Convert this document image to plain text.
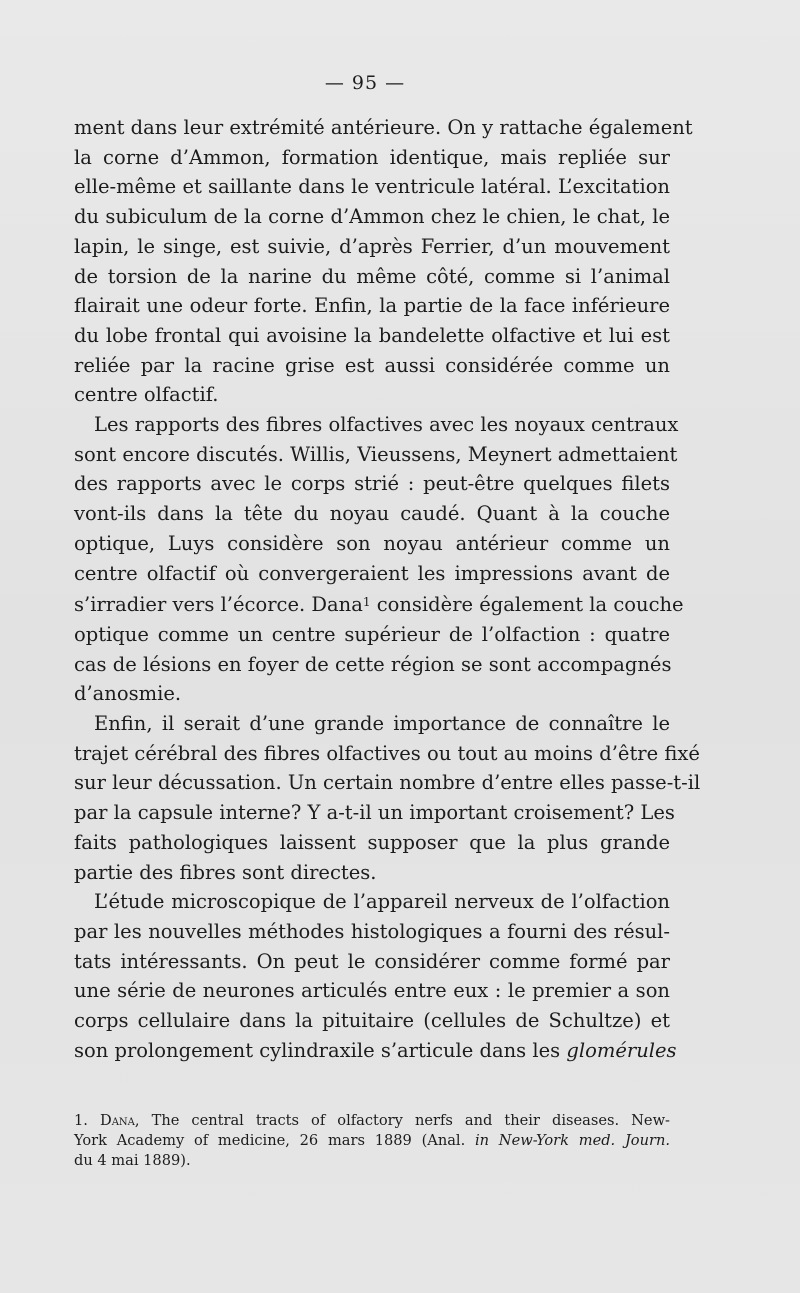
— 95 —
ment dans leur extrémité antérieure. On y rattache également
la corne d’Ammon, formation identique, mais repliée sur
elle-même et saillante dans le ventricule latéral. L’excitation
du subiculum de la corne d’Ammon chez le chien, le chat, le
lapin, le singe, est suivie, d’après Ferrier, d’un mouvement
de torsion de la narine du même côté, comme si l’animal
flairait une odeur forte. Enfin, la partie de la face inférieure
du lobe frontal qui avoisine la bandelette olfactive et lui est
reliée par la racine grise est aussi considérée comme un
centre olfactif.
Les rapports des fibres olfactives avec les noyaux centraux
sont encore discutés. Willis, Vieussens, Meynert admettaient
des rapports avec le corps strié : peut-être quelques filets
vont-ils dans la tête du noyau caudé. Quant à la couche
optique, Luys considère son noyau antérieur comme un
centre olfactif où convergeraient les impressions avant de
s’irradier vers l’écorce. Dana$^1$ considère également la couche
optique comme un centre supérieur de l’olfaction : quatre
cas de lésions en foyer de cette région se sont accompagnés
d’anosmie.
Enfin, il serait d’une grande importance de connaître le
trajet cérébral des fibres olfactives ou tout au moins d’être fixé
sur leur décussation. Un certain nombre d’entre elles passe-t-il
par la capsule interne? Y a-t-il un important croisement? Les
faits pathologiques laissent supposer que la plus grande
partie des fibres sont directes.
L’étude microscopique de l’appareil nerveux de l’olfaction
par les nouvelles méthodes histologiques a fourni des résul-
tats intéressants. On peut le considérer comme formé par
une série de neurones articulés entre eux : le premier a son
corps cellulaire dans la pituitaire (cellules de Schultze) et
son prolongement cylindraxile s’articule dans les glomérules
1. Dana, The central tracts of olfactory nerfs and their diseases. New-
York Academy of medicine, 26 mars 1889 (Anal. in New-York med. Journ.
du 4 mai 1889).
